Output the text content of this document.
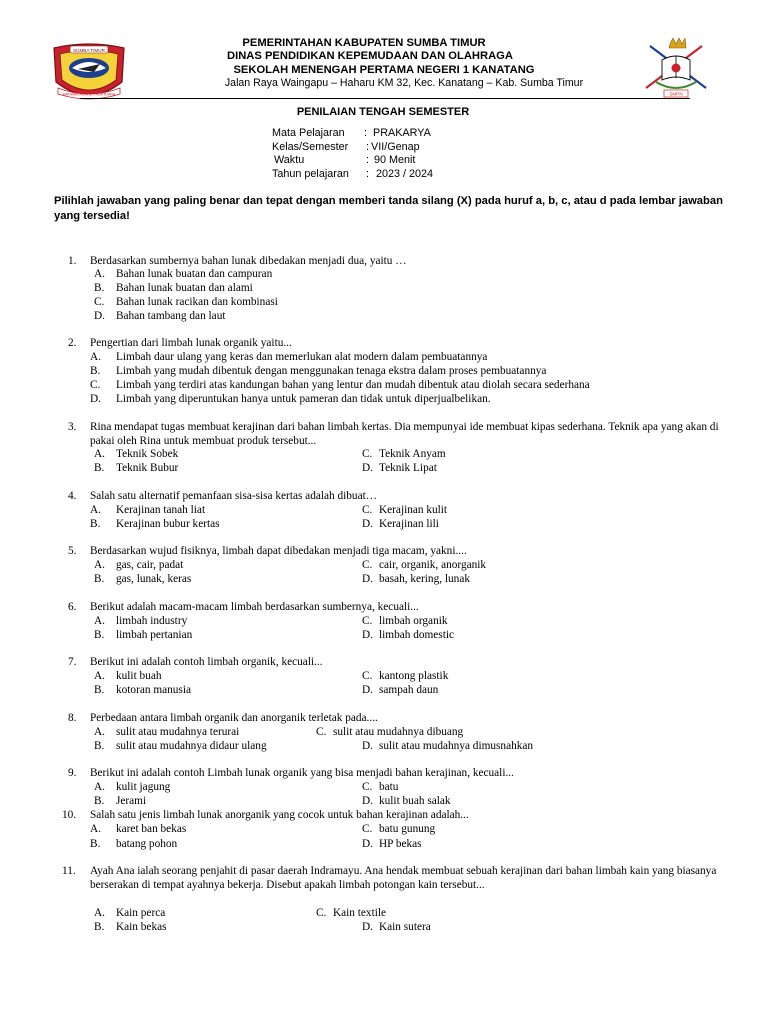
SUMBA TIMUR
MATAWAI AMAHU PADA NJARA
PEMERINTAHAN KABUPATEN SUMBA TIMUR
DINAS PENDIDIKAN KEPEMUDAAN DAN OLAHRAGA
SEKOLAH MENENGAH PERTAMA NEGERI 1 KANATANG
Jalan Raya Waingapu – Haharu KM 32, Kec. Kanatang – Kab. Sumba Timur
SMPN
PENILAIAN TENGAH SEMESTER
Mata Pelajaran : PRAKARYA
Kelas/Semester : VII/Genap
Waktu	: 90 Menit
Tahun pelajaran : 2023 / 2024
Pilihlah jawaban yang paling benar dan tepat dengan memberi tanda silang (X) pada huruf a, b, c, atau d pada lembar jawaban yang tersedia!
1. Berdasarkan sumbernya bahan lunak dibedakan menjadi dua, yaitu …
A. Bahan lunak buatan dan campuran
B. Bahan lunak buatan dan alami
C. Bahan lunak racikan dan kombinasi
D. Bahan tambang dan laut
2. Pengertian dari limbah lunak organik yaitu...
A. Limbah daur ulang yang keras dan memerlukan alat modern dalam pembuatannya
B. Limbah yang mudah dibentuk dengan menggunakan tenaga ekstra dalam proses pembuatannya
C. Limbah yang terdiri atas kandungan bahan yang lentur dan mudah dibentuk atau diolah secara sederhana
D. Limbah yang diperuntukan hanya untuk pameran dan tidak untuk diperjualbelikan.
3. Rina mendapat tugas membuat kerajinan dari bahan limbah kertas. Dia mempunyai ide membuat kipas sederhana. Teknik apa yang akan di pakai oleh Rina untuk membuat produk tersebut...
A. Teknik Sobek
B. Teknik Bubur
C. Teknik Anyam
D. Teknik Lipat
4. Salah satu alternatif pemanfaan sisa-sisa kertas adalah dibuat…
A. Kerajinan tanah liat
B. Kerajinan bubur kertas
C. Kerajinan kulit
D. Kerajinan lili
5. Berdasarkan wujud fisiknya, limbah dapat dibedakan menjadi tiga macam, yakni....
A. gas, cair, padat
B. gas, lunak, keras
C. cair, organik, anorganik
D. basah, kering, lunak
6. Berikut adalah macam-macam limbah berdasarkan sumbernya, kecuali...
A. limbah industry
B. limbah pertanian
C. limbah organik
D. limbah domestic
7. Berikut ini adalah contoh limbah organik, kecuali...
A. kulit buah
B. kotoran manusia
C. kantong plastik
D. sampah daun
8. Perbedaan antara limbah organik dan anorganik terletak pada....
A. sulit atau mudahnya terurai
B. sulit atau mudahnya didaur ulang
C. sulit atau mudahnya dibuang
D. sulit atau mudahnya dimusnahkan
9. Berikut ini adalah contoh Limbah lunak organik yang bisa menjadi bahan kerajinan, kecuali...
A. kulit jagung
B. Jerami
C. batu
D. kulit buah salak
10. Salah satu jenis limbah lunak anorganik yang cocok untuk bahan kerajinan adalah...
A. karet ban bekas
B. batang pohon
C. batu gunung
D. HP bekas
11. Ayah Ana ialah seorang penjahit di pasar daerah Indramayu. Ana hendak membuat sebuah kerajinan dari bahan limbah kain yang biasanya berserakan di tempat ayahnya bekerja. Disebut apakah limbah potongan kain tersebut...
A. Kain perca
B. Kain bekas
C. Kain textile
D. Kain sutera
